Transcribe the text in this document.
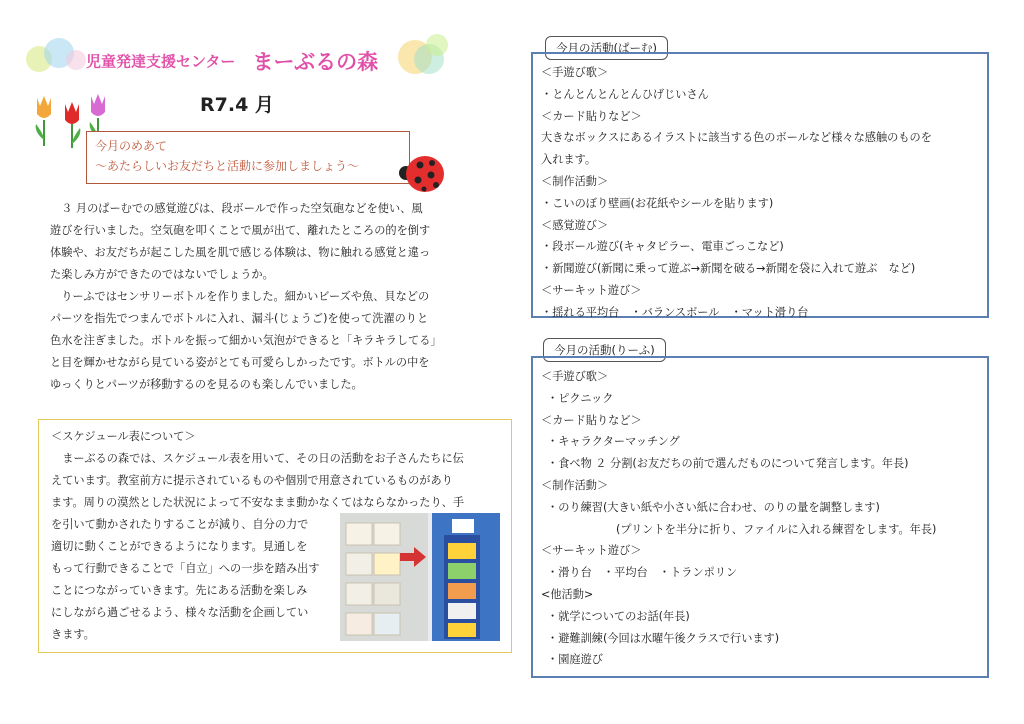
児童発達支援センター まーぶるの森
R7.4 月
今月のめあて
～あたらしいお友だちと活動に参加しましょう～

　３ 月のぱーむでの感覚遊びは、段ボールで作った空気砲などを使い、風

遊びを行いました。空気砲を叩くことで風が出て、離れたところの的を倒す

体験や、お友だちが起こした風を肌で感じる体験は、物に触れる感覚と違っ

た楽しみ方ができたのではないでしょうか。

　りーふではセンサリーボトルを作りました。細かいビーズや魚、貝などの

パーツを指先でつまんでボトルに入れ、漏斗(じょうご)を使って洗濯のりと

色水を注ぎました。ボトルを振って細かい気泡ができると「キラキラしてる」

と目を輝かせながら見ている姿がとても可愛らしかったです。ボトルの中を

ゆっくりとパーツが移動するのを見るのも楽しんでいました。

＜スケジュール表について＞
　まーぶるの森では、スケジュール表を用いて、その日の活動をお子さんたちに伝
えています。教室前方に提示されているものや個別で用意されているものがあり
ます。周りの漠然とした状況によって不安なまま動かなくてはならなかったり、手
を引いて動かされたりすることが減り、自分の力で
適切に動くことができるようになります。見通しを
もって行動できることで「自立」への一歩を踏み出す
ことにつながっていきます。先にある活動を楽しみ
にしながら過ごせるよう、様々な活動を企画してい
きます。
今月の活動(ぱーむ)
＜手遊び歌＞
・とんとんとんとんひげじいさん
＜カード貼りなど＞
大きなボックスにあるイラストに該当する色のボールなど様々な感触のものを
入れます。
＜制作活動＞
・こいのぼり壁画(お花紙やシールを貼ります)
＜感覚遊び＞
・段ボール遊び(キャタピラー、電車ごっこなど)
・新聞遊び(新聞に乗って遊ぶ→新聞を破る→新聞を袋に入れて遊ぶ　など)
＜サーキット遊び＞
・揺れる平均台　・バランスボール　・マット滑り台
今月の活動(りーふ)
＜手遊び歌＞
・ピクニック
＜カード貼りなど＞
・キャラクターマッチング
・食べ物 ２ 分割(お友だちの前で選んだものについて発言します。年長)
＜制作活動＞
・のり練習(大きい紙や小さい紙に合わせ、のりの量を調整します)
(プリントを半分に折り、ファイルに入れる練習をします。年長)
＜サーキット遊び＞
・滑り台　・平均台　・トランポリン
<他活動>
・就学についてのお話(年長)
・避難訓練(今回は水曜午後クラスで行います)
・園庭遊び
